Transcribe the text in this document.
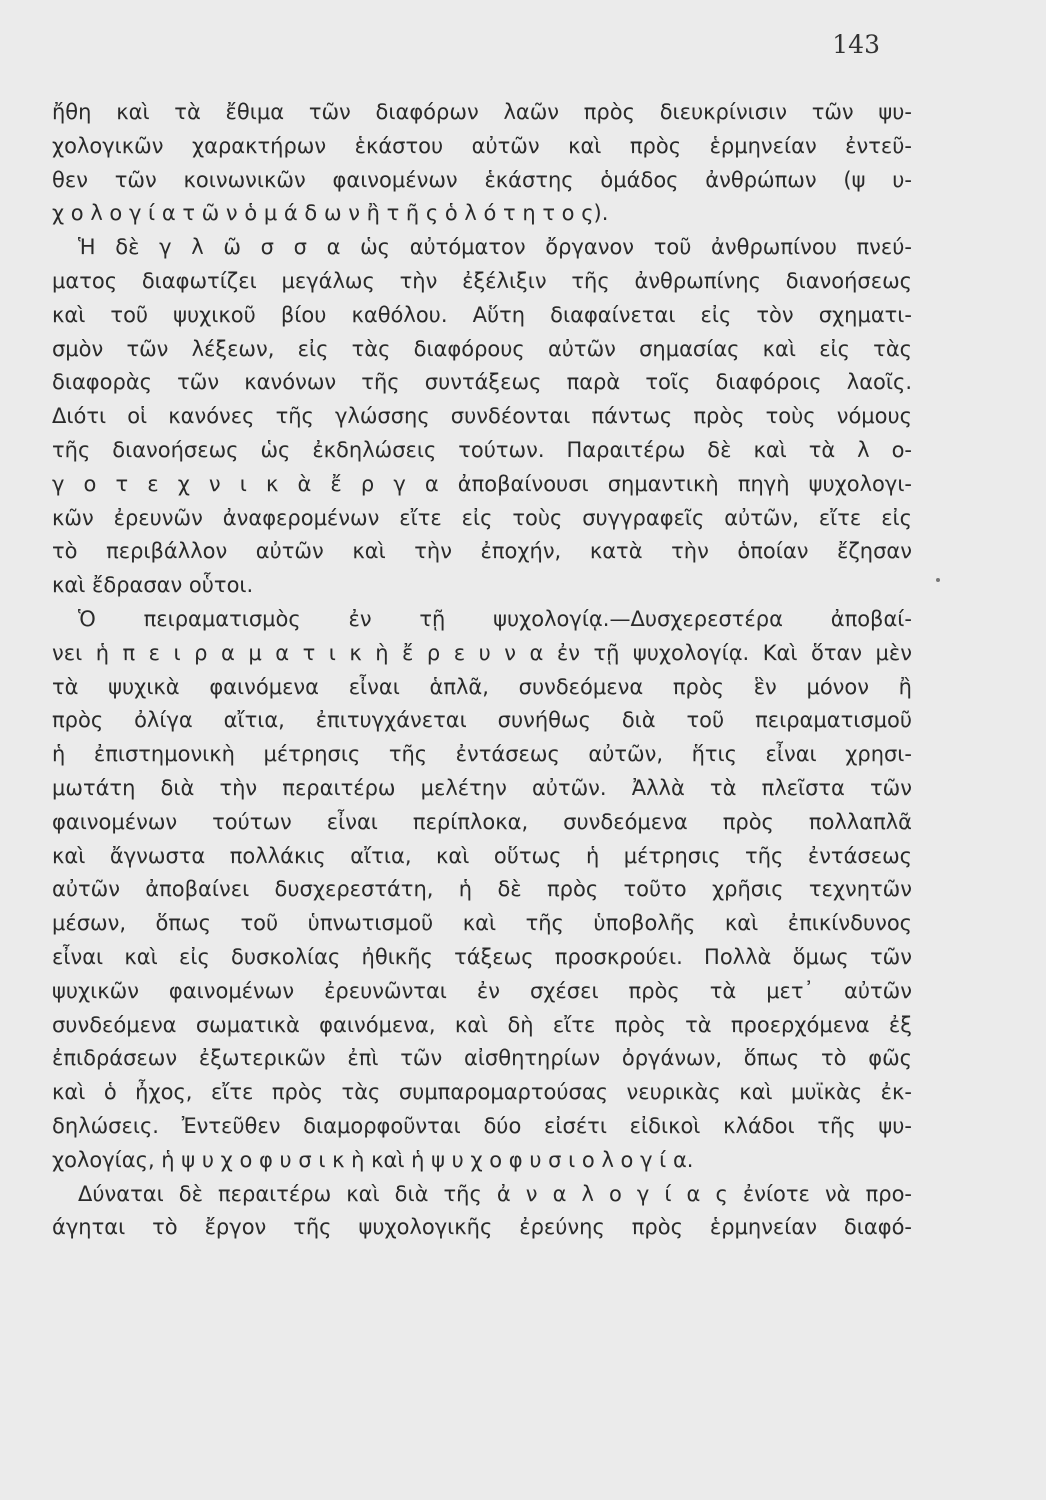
143
ἤθη καὶ τὰ ἔθιμα τῶν διαφόρων λαῶν πρὸς διευκρίνισιν τῶν ψυ-
χολογικῶν χαρακτήρων ἑκάστου αὐτῶν καὶ πρὸς ἑρμηνείαν ἐντεῦ-
θεν τῶν κοινωνικῶν φαινομένων ἑκάστης ὁμάδος ἀνθρώπων (ψ υ-
χ ο λ ο γ ί α τ ῶ ν ὁ μ ά δ ω ν ἢ τ ῆ ς ὁ λ ό τ η τ ο ς).
Ἡ δὲ γ λ ῶ σ σ α ὡς αὐτόματον ὄργανον τοῦ ἀνθρωπίνου πνεύ-
ματος διαφωτίζει μεγάλως τὴν ἐξέλιξιν τῆς ἀνθρωπίνης διανοήσεως
καὶ τοῦ ψυχικοῦ βίου καθόλου. Αὕτη διαφαίνεται εἰς τὸν σχηματι-
σμὸν τῶν λέξεων, εἰς τὰς διαφόρους αὐτῶν σημασίας καὶ εἰς τὰς
διαφορὰς τῶν κανόνων τῆς συντάξεως παρὰ τοῖς διαφόροις λαοῖς.
Διότι οἱ κανόνες τῆς γλώσσης συνδέονται πάντως πρὸς τοὺς νόμους
τῆς διανοήσεως ὡς ἐκδηλώσεις τούτων. Παραιτέρω δὲ καὶ τὰ λ ο-
γ ο τ ε χ ν ι κ ὰ ἔ ρ γ α ἀποβαίνουσι σημαντικὴ πηγὴ ψυχολογι-
κῶν ἐρευνῶν ἀναφερομένων εἴτε εἰς τοὺς συγγραφεῖς αὐτῶν, εἴτε εἰς
τὸ περιβάλλον αὐτῶν καὶ τὴν ἐποχήν, κατὰ τὴν ὁποίαν ἔζησαν
καὶ ἔδρασαν οὗτοι.
Ὁ πειραματισμὸς ἐν τῇ ψυχολογίᾳ.—Δυσχερεστέρα ἀποβαί-
νει ἡ π ε ι ρ α μ α τ ι κ ὴ ἔ ρ ε υ ν α ἐν τῇ ψυχολογίᾳ. Καὶ ὅταν μὲν
τὰ ψυχικὰ φαινόμενα εἶναι ἁπλᾶ, συνδεόμενα πρὸς ἓν μόνον ἢ
πρὸς ὀλίγα αἴτια, ἐπιτυγχάνεται συνήθως διὰ τοῦ πειραματισμοῦ
ἡ ἐπιστημονικὴ μέτρησις τῆς ἐντάσεως αὐτῶν, ἥτις εἶναι χρησι-
μωτάτη διὰ τὴν περαιτέρω μελέτην αὐτῶν. Ἀλλὰ τὰ πλεῖστα τῶν
φαινομένων τούτων εἶναι περίπλοκα, συνδεόμενα πρὸς πολλαπλᾶ
καὶ ἄγνωστα πολλάκις αἴτια, καὶ οὕτως ἡ μέτρησις τῆς ἐντάσεως
αὐτῶν ἀποβαίνει δυσχερεστάτη, ἡ δὲ πρὸς τοῦτο χρῆσις τεχνητῶν
μέσων, ὅπως τοῦ ὑπνωτισμοῦ καὶ τῆς ὑποβολῆς καὶ ἐπικίνδυνος
εἶναι καὶ εἰς δυσκολίας ἠθικῆς τάξεως προσκρούει. Πολλὰ ὅμως τῶν
ψυχικῶν φαινομένων ἐρευνῶνται ἐν σχέσει πρὸς τὰ μετ᾽ αὐτῶν
συνδεόμενα σωματικὰ φαινόμενα, καὶ δὴ εἴτε πρὸς τὰ προερχόμενα ἐξ
ἐπιδράσεων ἐξωτερικῶν ἐπὶ τῶν αἰσθητηρίων ὀργάνων, ὅπως τὸ φῶς
καὶ ὁ ἦχος, εἴτε πρὸς τὰς συμπαρομαρτούσας νευρικὰς καὶ μυϊκὰς ἐκ-
δηλώσεις. Ἐντεῦθεν διαμορφοῦνται δύο εἰσέτι εἰδικοὶ κλάδοι τῆς ψυ-
χολογίας, ἡ ψ υ χ ο φ υ σ ι κ ὴ καὶ ἡ ψ υ χ ο φ υ σ ι ο λ ο γ ί α.
Δύναται δὲ περαιτέρω καὶ διὰ τῆς ἀ ν α λ ο γ ί α ς ἐνίοτε νὰ προ-
άγηται τὸ ἔργον τῆς ψυχολογικῆς ἐρεύνης πρὸς ἑρμηνείαν διαφό-
